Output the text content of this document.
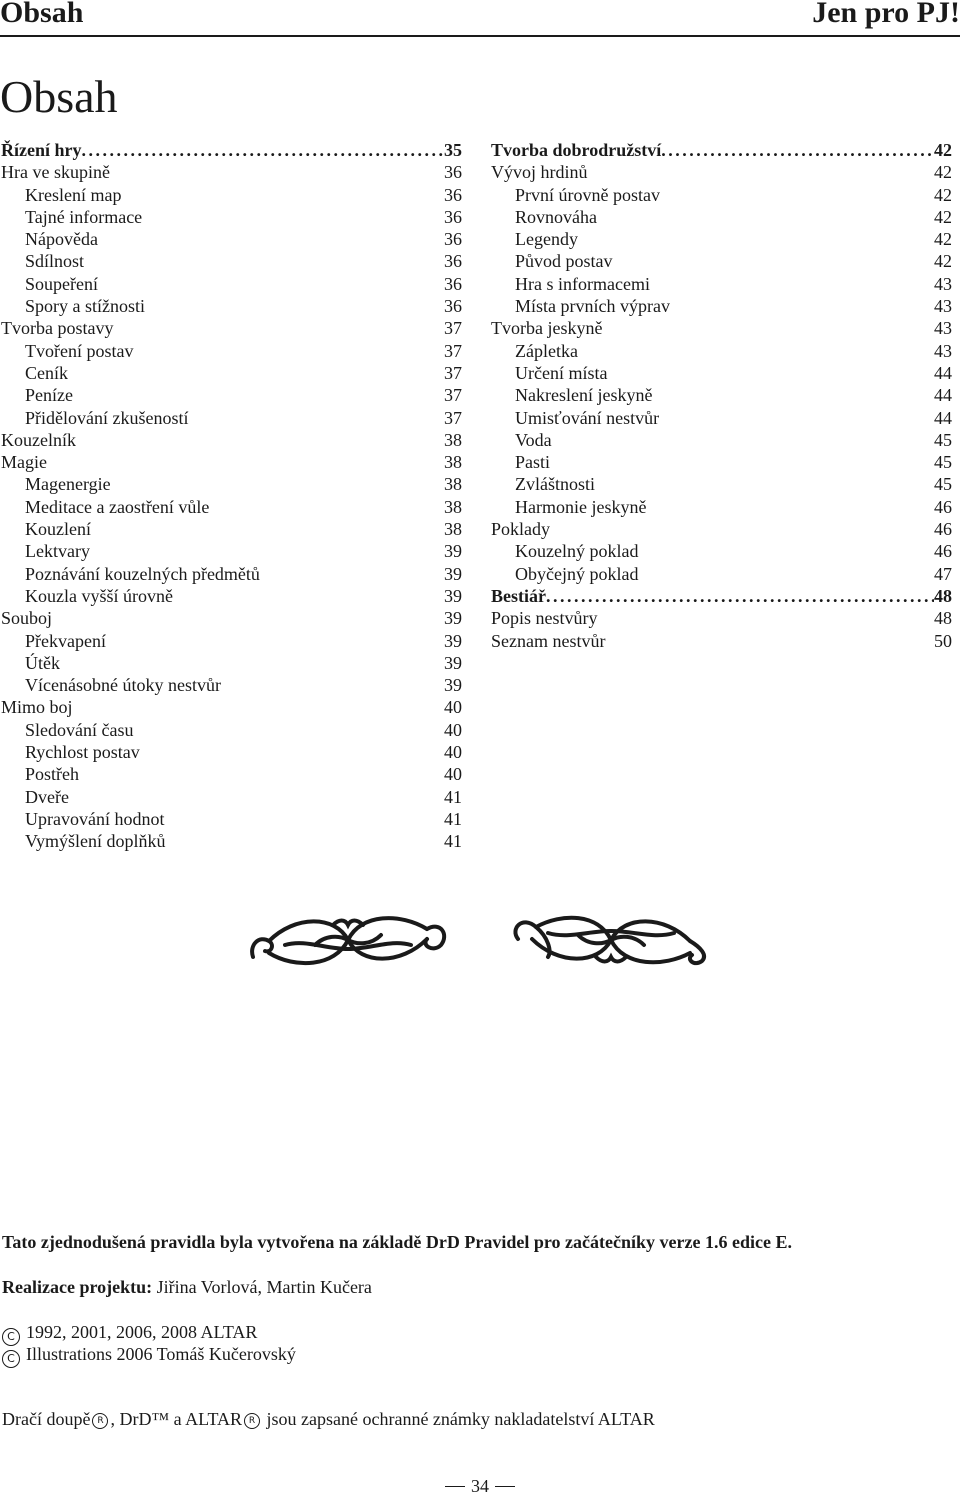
Obsah	Jen pro PJ!
Obsah
Řízení hry . . .	35
Hra ve skupině	36
Kreslení map	36
Tajné informace	36
Nápověda	36
Sdílnost	36
Soupeření	36
Spory a stížnosti	36
Tvorba postavy	37
Tvoření postav	37
Ceník	37
Peníze	37
Přidělování zkušeností	37
Kouzelník	38
Magie	38
Magenergie	38
Meditace a zaostření vůle	38
Kouzlení	38
Lektvary	39
Poznávání kouzelných předmětů	39
Kouzla vyšší úrovně	39
Souboj	39
Překvapení	39
Útěk	39
Vícenásobné útoky nestvůr	39
Mimo boj	40
Sledování času	40
Rychlost postav	40
Postřeh	40
Dveře	41
Upravování hodnot	41
Vymýšlení doplňků	41
Tvorba dobrodružství . . .	42
Vývoj hrdinů	42
První úrovně postav	42
Rovnováha	42
Legendy	42
Původ postav	42
Hra s informacemi	43
Místa prvních výprav	43
Tvorba jeskyně	43
Zápletka	43
Určení místa	44
Nakreslení jeskyně	44
Umisťování nestvůr	44
Voda	45
Pasti	45
Zvláštnosti	45
Harmonie jeskyně	46
Poklady	46
Kouzelný poklad	46
Obyčejný poklad	47
Bestiář . . .	48
Popis nestvůry	48
Seznam nestvůr	50
Tato zjednodušená pravidla byla vytvořena na základě DrD Pravidel pro začátečníky verze 1.6 edice E.
Realizace projektu: Jiřina Vorlová, Martin Kučera
C 1992, 2001, 2006, 2008 ALTAR
C Illustrations 2006 Tomáš Kučerovský
Dračí doupě R , DrD™ a ALTAR R jsou zapsané ochranné známky nakladatelství ALTAR
34
